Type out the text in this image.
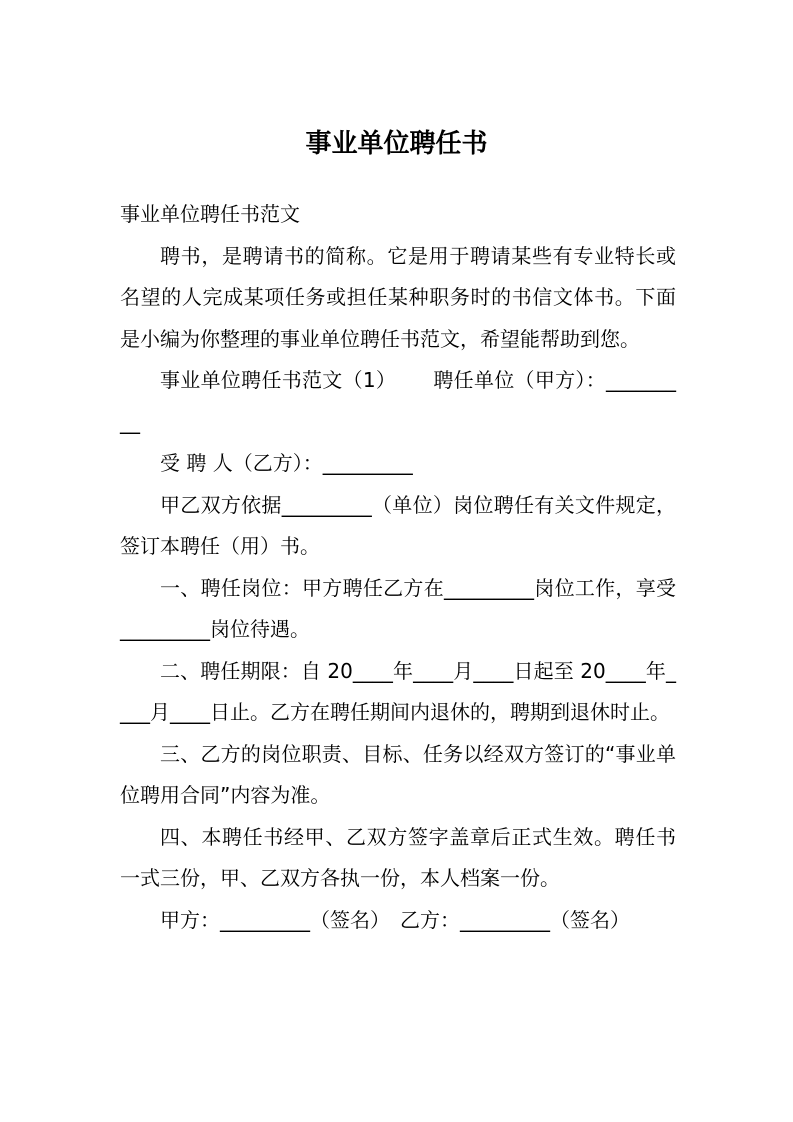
事业单位聘任书

事业单位聘任书范文

聘书，是聘请书的简称。它是用于聘请某些有专业特长或名望的人完成某项任务或担任某种职务时的书信文体书。下面是小编为你整理的事业单位聘任书范文，希望能帮助到您。

事业单位聘任书范文（1）　　 聘任单位（甲方）：_________

受 聘 人（乙方）：_________

甲乙双方依据_________（单位）岗位聘任有关文件规定，签订本聘任（用）书。

一、聘任岗位：甲方聘任乙方在_________岗位工作，享受_________岗位待遇。

二、聘任期限：自 20____年____月____日起至 20____年____月____日止。乙方在聘任期间内退休的，聘期到退休时止。

三、乙方的岗位职责、目标、任务以经双方签订的“事业单位聘用合同”内容为准。

四、本聘任书经甲、乙双方签字盖章后正式生效。聘任书一式三份，甲、乙双方各执一份，本人档案一份。

甲方：_________（签名）　乙方：_________（签名）
